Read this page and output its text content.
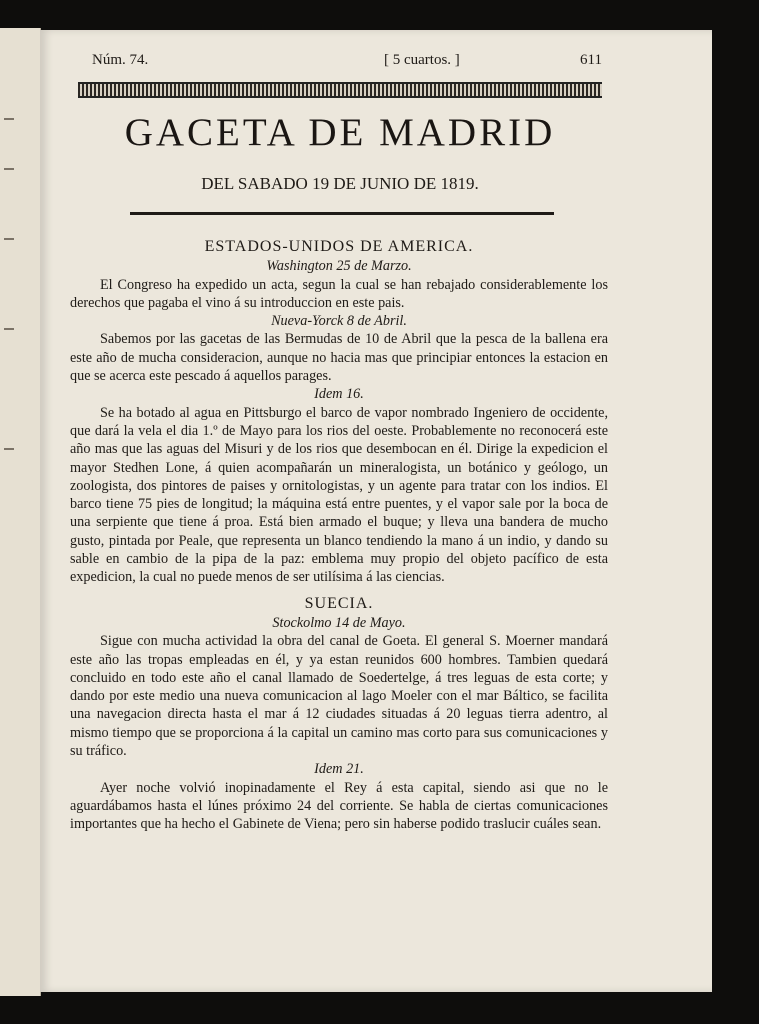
Núm. 74.	[ 5 cuartos. ]	611
GACETA DE MADRID
DEL SABADO 19 DE JUNIO DE 1819.
ESTADOS-UNIDOS DE AMERICA.

Washington 25 de Marzo.

El Congreso ha expedido un acta, segun la cual se han rebajado considerablemente los derechos que pagaba el vino á su introduccion en este pais.

Nueva-Yorck 8 de Abril.

Sabemos por las gacetas de las Bermudas de 10 de Abril que la pesca de la ballena era este año de mucha consideracion, aunque no hacia mas que principiar entonces la estacion en que se acerca este pescado á aquellos parages.

Idem 16.

Se ha botado al agua en Pittsburgo el barco de vapor nombrado Ingeniero de occidente, que dará la vela el dia 1.º de Mayo para los rios del oeste. Probablemente no reconocerá este año mas que las aguas del Misuri y de los rios que desembocan en él. Dirige la expedicion el mayor Stedhen Lone, á quien acompañarán un mineralogista, un botánico y geólogo, un zoologista, dos pintores de paises y ornitologistas, y un agente para tratar con los indios. El barco tiene 75 pies de longitud; la máquina está entre puentes, y el vapor sale por la boca de una serpiente que tiene á proa. Está bien armado el buque; y lleva una bandera de mucho gusto, pintada por Peale, que representa un blanco tendiendo la mano á un indio, y dando su sable en cambio de la pipa de la paz: emblema muy propio del objeto pacífico de esta expedicion, la cual no puede menos de ser utilísima á las ciencias.

SUECIA.

Stockolmo 14 de Mayo.

Sigue con mucha actividad la obra del canal de Goeta. El general S. Moerner mandará este año las tropas empleadas en él, y ya estan reunidos 600 hombres. Tambien quedará concluido en todo este año el canal llamado de Soedertelge, á tres leguas de esta corte; y dando por este medio una nueva comunicacion al lago Moeler con el mar Báltico, se facilita una navegacion directa hasta el mar á 12 ciudades situadas á 20 leguas tierra adentro, al mismo tiempo que se proporciona á la capital un camino mas corto para sus comunicaciones y su tráfico.

Idem 21.

Ayer noche volvió inopinadamente el Rey á esta capital, siendo asi que no le aguardábamos hasta el lúnes próximo 24 del corriente. Se habla de ciertas comunicaciones importantes que ha hecho el Gabinete de Viena; pero sin haberse podido traslucir cuáles sean.
